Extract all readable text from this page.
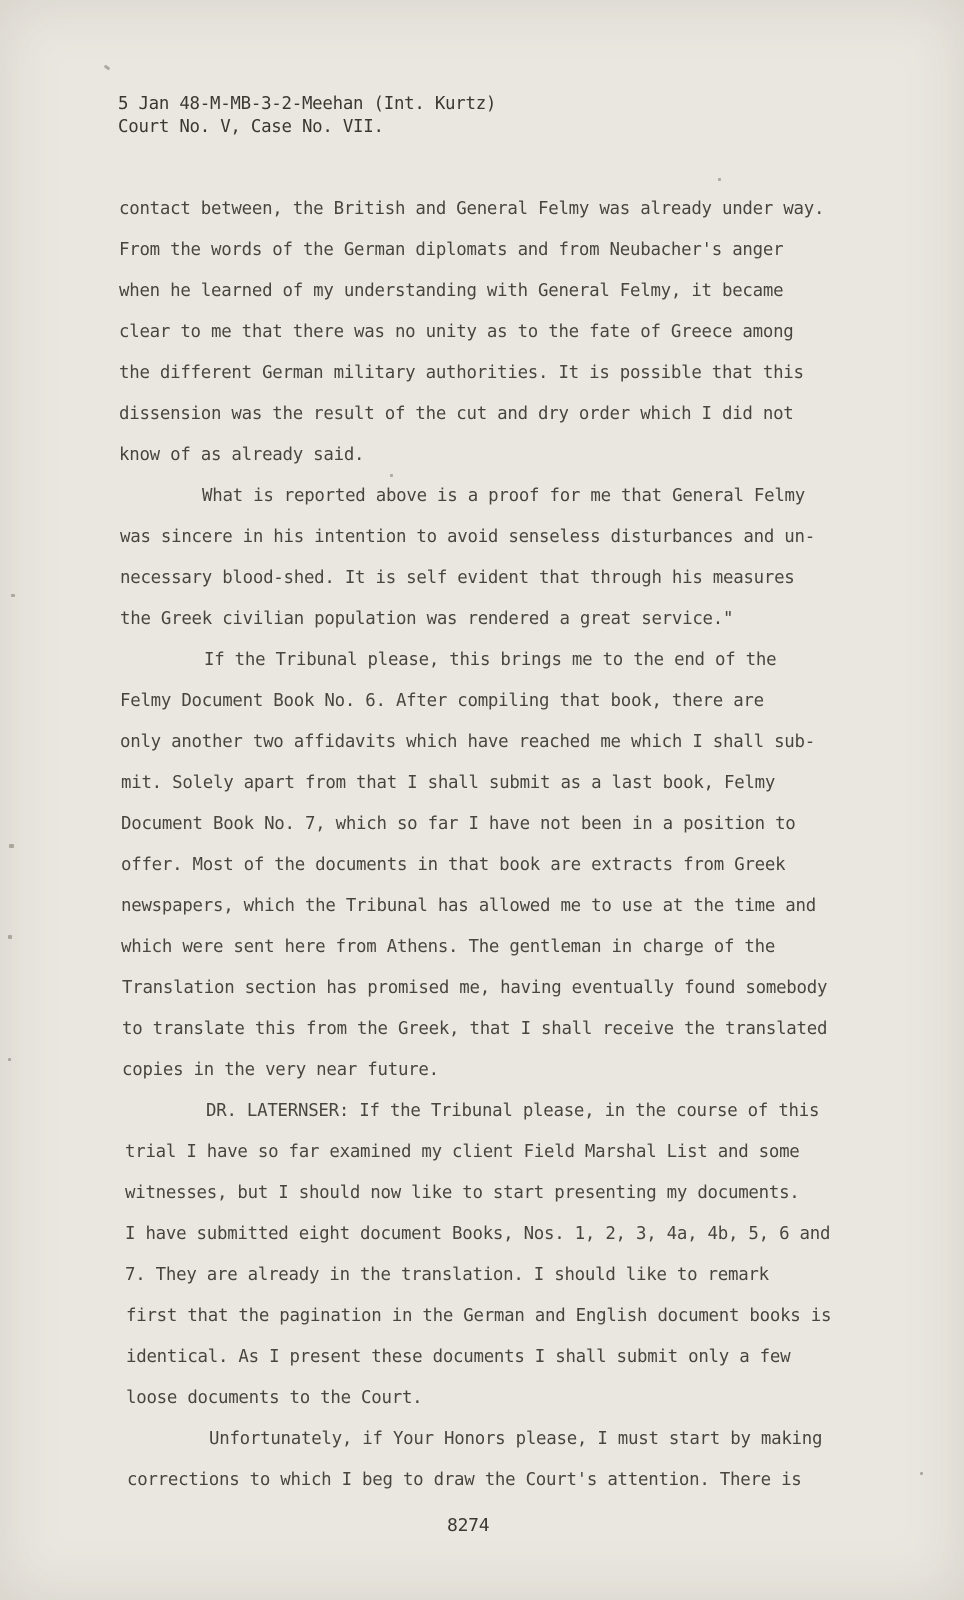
5 Jan 48-M-MB-3-2-Meehan (Int. Kurtz)
Court No. V, Case No. VII.
contact between, the British and General Felmy was already under way.
From the words of the German diplomats and from Neubacher's anger
when he learned of my understanding with General Felmy, it became
clear to me that there was no unity as to the fate of Greece among
the different German military authorities. It is possible that this
dissension was the result of the cut and dry order which I did not
know of as already said.
What is reported above is a proof for me that General Felmy
was sincere in his intention to avoid senseless disturbances and un-
necessary blood-shed. It is self evident that through his measures
the Greek civilian population was rendered a great service."
If the Tribunal please, this brings me to the end of the
Felmy Document Book No. 6. After compiling that book, there are
only another two affidavits which have reached me which I shall sub-
mit. Solely apart from that I shall submit as a last book, Felmy
Document Book No. 7, which so far I have not been in a position to
offer. Most of the documents in that book are extracts from Greek
newspapers, which the Tribunal has allowed me to use at the time and
which were sent here from Athens. The gentleman in charge of the
Translation section has promised me, having eventually found somebody
to translate this from the Greek, that I shall receive the translated
copies in the very near future.
DR. LATERNSER: If the Tribunal please, in the course of this
trial I have so far examined my client Field Marshal List and some
witnesses, but I should now like to start presenting my documents.
I have submitted eight document Books, Nos. 1, 2, 3, 4a, 4b, 5, 6 and
7. They are already in the translation. I should like to remark
first that the pagination in the German and English document books is
identical. As I present these documents I shall submit only a few
loose documents to the Court.
Unfortunately, if Your Honors please, I must start by making
corrections to which I beg to draw the Court's attention. There is
8274
